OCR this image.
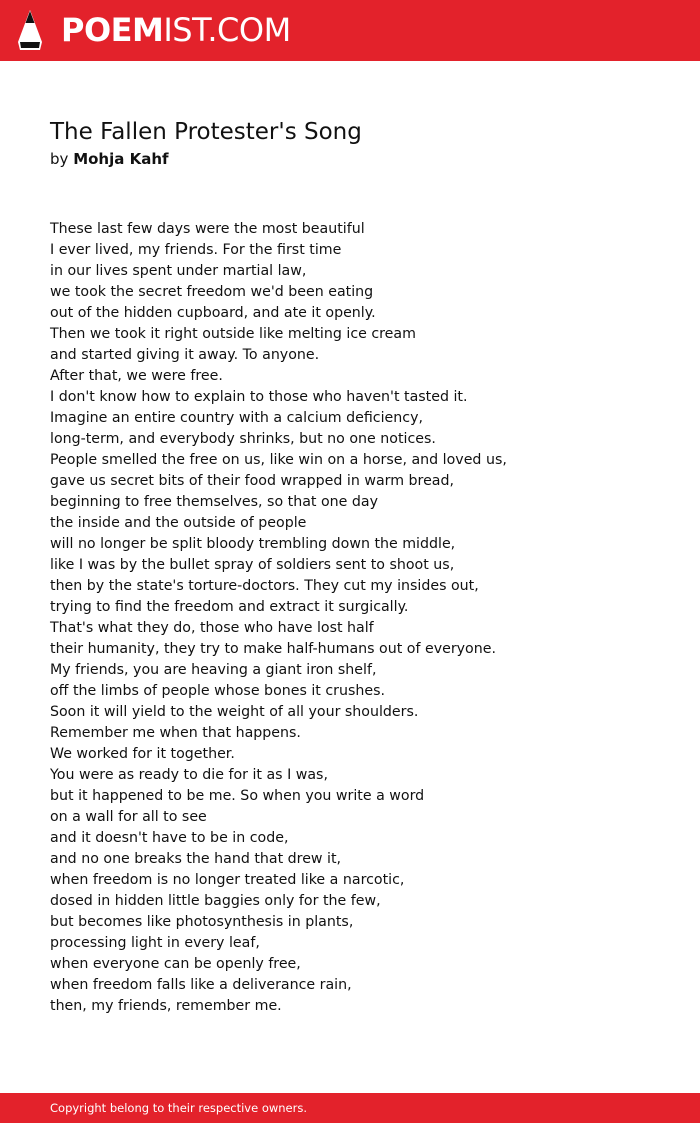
POEMIST.COM
The Fallen Protester's Song
by Mohja Kahf
These last few days were the most beautiful
I ever lived, my friends. For the first time
in our lives spent under martial law,
we took the secret freedom we'd been eating
out of the hidden cupboard, and ate it openly.
Then we took it right outside like melting ice cream
and started giving it away. To anyone.
After that, we were free.
I don't know how to explain to those who haven't tasted it.
Imagine an entire country with a calcium deficiency,
long-term, and everybody shrinks, but no one notices.
People smelled the free on us, like win on a horse, and loved us,
gave us secret bits of their food wrapped in warm bread,
beginning to free themselves, so that one day
the inside and the outside of people
will no longer be split bloody trembling down the middle,
like I was by the bullet spray of soldiers sent to shoot us,
then by the state's torture-doctors. They cut my insides out,
trying to find the freedom and extract it surgically.
That's what they do, those who have lost half
their humanity, they try to make half-humans out of everyone.
My friends, you are heaving a giant iron shelf,
off the limbs of people whose bones it crushes.
Soon it will yield to the weight of all your shoulders.
Remember me when that happens.
We worked for it together.
You were as ready to die for it as I was,
but it happened to be me. So when you write a word
on a wall for all to see
and it doesn't have to be in code,
and no one breaks the hand that drew it,
when freedom is no longer treated like a narcotic,
dosed in hidden little baggies only for the few,
but becomes like photosynthesis in plants,
processing light in every leaf,
when everyone can be openly free,
when freedom falls like a deliverance rain,
then, my friends, remember me.
Copyright belong to their respective owners.
